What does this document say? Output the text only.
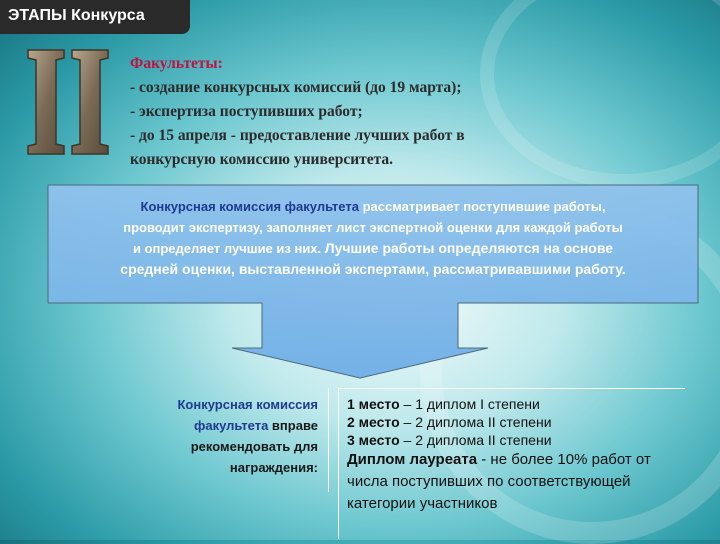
ЭТАПЫ Конкурса
Факультеты:
- создание конкурсных комиссий (до 19 марта);
- экспертиза поступивших работ;
- до 15 апреля - предоставление лучших работ в
конкурсную комиссию университета.
Конкурсная комиссия факультета рассматривает поступившие работы,
проводит экспертизу, заполняет лист экспертной оценки для каждой работы
и определяет лучшие из них. Лучшие работы определяются на основе
средней оценки, выставленной экспертами, рассматривавшими работу.
Конкурсная комиссия
факультета вправе
рекомендовать для
награждения:
1 место – 1 диплом I степени
2 место – 2 диплома II степени
3 место – 2 диплома II степени
Диплом лауреата - не более 10% работ от числа поступивших по соответствующей категории участников
